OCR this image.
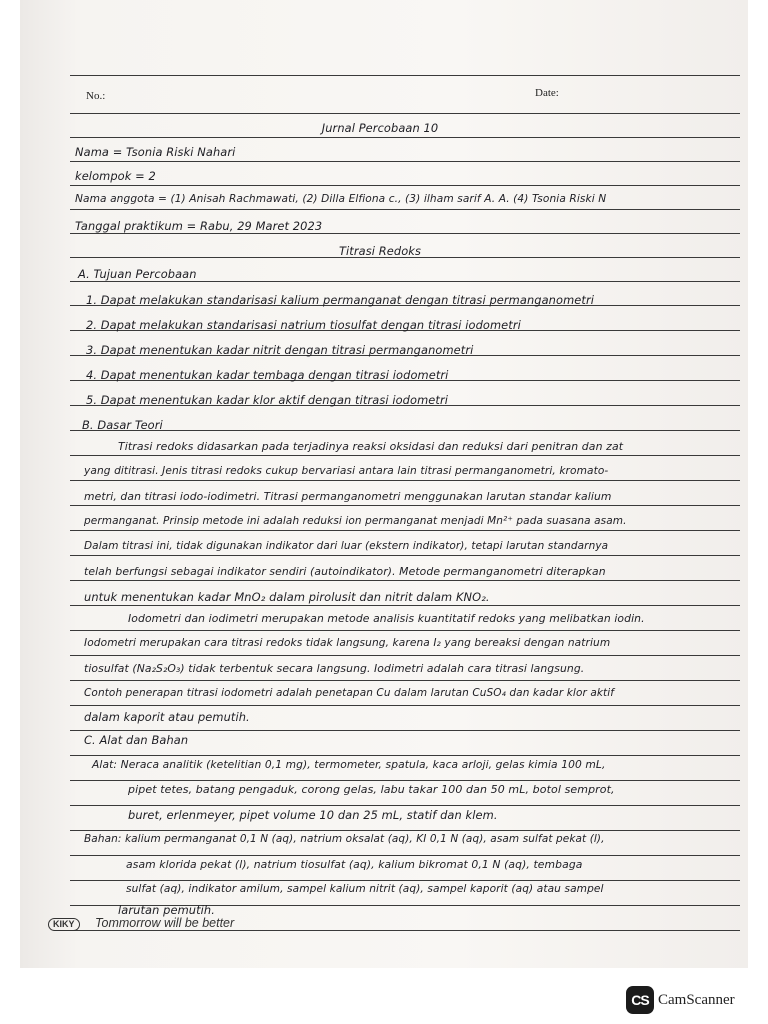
No.:	Date:
Jurnal Percobaan 10
Nama = Tsonia Riski Nahari
kelompok = 2
Nama anggota = (1) Anisah Rachmawati, (2) Dilla Elfiona c., (3) ilham sarif A. A. (4) Tsonia Riski N
Tanggal praktikum = Rabu, 29 Maret 2023
Titrasi Redoks
A. Tujuan Percobaan
1. Dapat melakukan standarisasi kalium permanganat dengan titrasi permanganometri
2. Dapat melakukan standarisasi natrium tiosulfat dengan titrasi iodometri
3. Dapat menentukan kadar nitrit dengan titrasi permanganometri
4. Dapat menentukan kadar tembaga dengan titrasi iodometri
5. Dapat menentukan kadar klor aktif dengan titrasi iodometri
B. Dasar Teori
Titrasi redoks didasarkan pada terjadinya reaksi oksidasi dan reduksi dari penitran dan zat
yang dititrasi. Jenis titrasi redoks cukup bervariasi antara lain titrasi permanganometri, kromato-
metri, dan titrasi iodo-iodimetri. Titrasi permanganometri menggunakan larutan standar kalium
permanganat. Prinsip metode ini adalah reduksi ion permanganat menjadi Mn²⁺ pada suasana asam.
Dalam titrasi ini, tidak digunakan indikator dari luar (ekstern indikator), tetapi larutan standarnya
telah berfungsi sebagai indikator sendiri (autoindikator). Metode permanganometri diterapkan
untuk menentukan kadar MnO₂ dalam pirolusit dan nitrit dalam KNO₂.
Iodometri dan iodimetri merupakan metode analisis kuantitatif redoks yang melibatkan iodin.
Iodometri merupakan cara titrasi redoks tidak langsung, karena I₂ yang bereaksi dengan natrium
tiosulfat (Na₂S₂O₃) tidak terbentuk secara langsung. Iodimetri adalah cara titrasi langsung.
Contoh penerapan titrasi iodometri adalah penetapan Cu dalam larutan CuSO₄ dan kadar klor aktif
dalam kaporit atau pemutih.
C. Alat dan Bahan
Alat: Neraca analitik (ketelitian 0,1 mg), termometer, spatula, kaca arloji, gelas kimia 100 mL,
pipet tetes, batang pengaduk, corong gelas, labu takar 100 dan 50 mL, botol semprot,
buret, erlenmeyer, pipet volume 10 dan 25 mL, statif dan klem.
Bahan: kalium permanganat 0,1 N (aq), natrium oksalat (aq), KI 0,1 N (aq), asam sulfat pekat (l),
asam klorida pekat (l), natrium tiosulfat (aq), kalium bikromat 0,1 N (aq), tembaga
sulfat (aq), indikator amilum, sampel kalium nitrit (aq), sampel kaporit (aq) atau sampel
larutan pemutih.
KIKY	Tommorrow will be better
CS CamScanner
